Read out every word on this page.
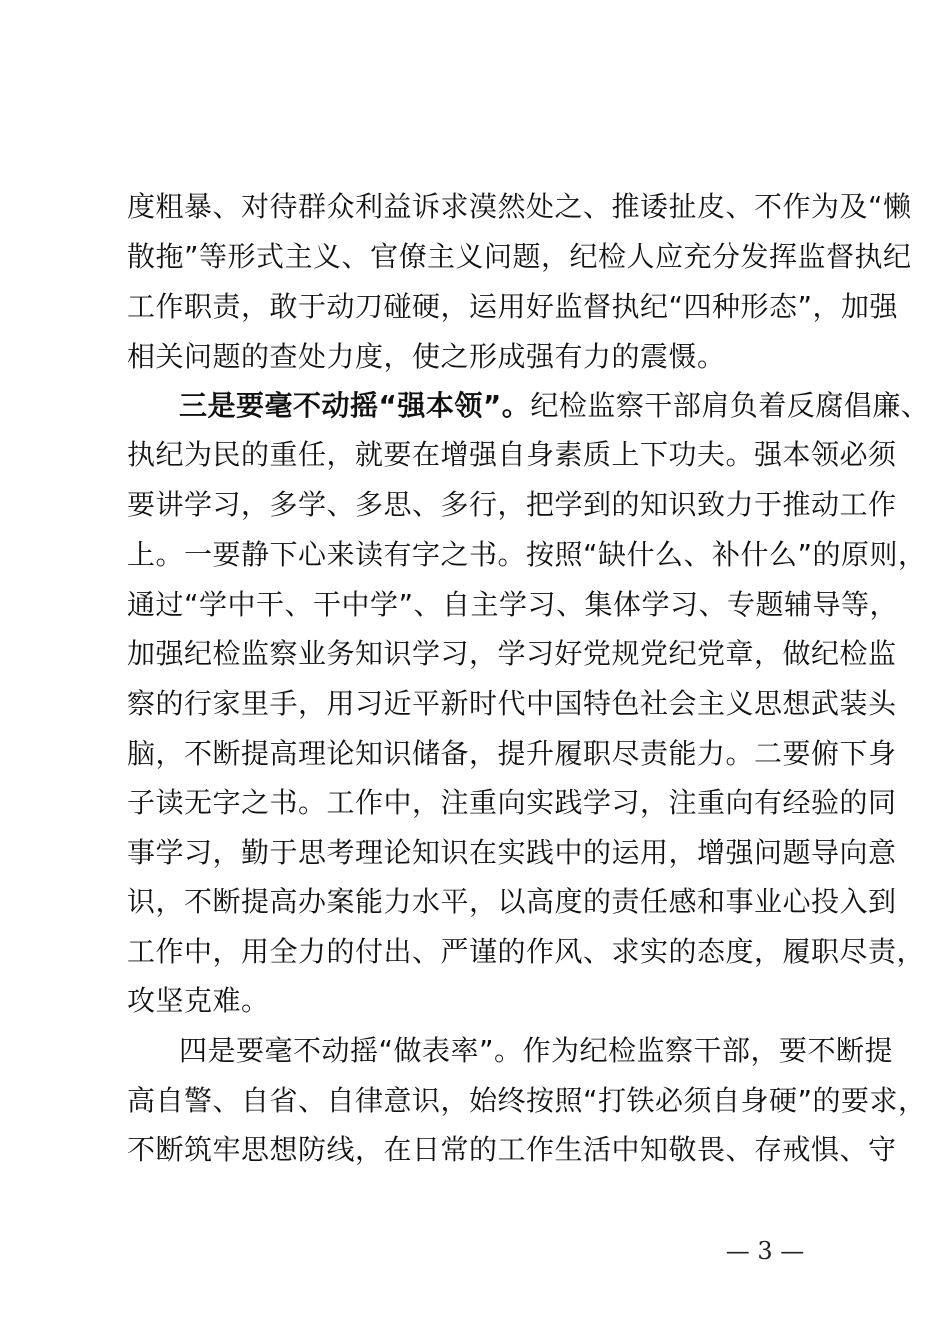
度粗暴、对待群众利益诉求漠然处之、推诿扯皮、不作为及“懒
散拖”等形式主义、官僚主义问题，纪检人应充分发挥监督执纪
工作职责，敢于动刀碰硬，运用好监督执纪“四种形态”，加强
相关问题的查处力度，使之形成强有力的震慑。
三是要毫不动摇“强本领”。纪检监察干部肩负着反腐倡廉、
执纪为民的重任，就要在增强自身素质上下功夫。强本领必须
要讲学习，多学、多思、多行，把学到的知识致力于推动工作
上。一要静下心来读有字之书。按照“缺什么、补什么”的原则，
通过“学中干、干中学”、自主学习、集体学习、专题辅导等，
加强纪检监察业务知识学习，学习好党规党纪党章，做纪检监
察的行家里手，用习近平新时代中国特色社会主义思想武装头
脑，不断提高理论知识储备，提升履职尽责能力。二要俯下身
子读无字之书。工作中，注重向实践学习，注重向有经验的同
事学习，勤于思考理论知识在实践中的运用，增强问题导向意
识，不断提高办案能力水平，以高度的责任感和事业心投入到
工作中，用全力的付出、严谨的作风、求实的态度，履职尽责，
攻坚克难。
四是要毫不动摇“做表率”。作为纪检监察干部，要不断提
高自警、自省、自律意识，始终按照“打铁必须自身硬”的要求，
不断筑牢思想防线，在日常的工作生活中知敬畏、存戒惧、守
— 3 —
